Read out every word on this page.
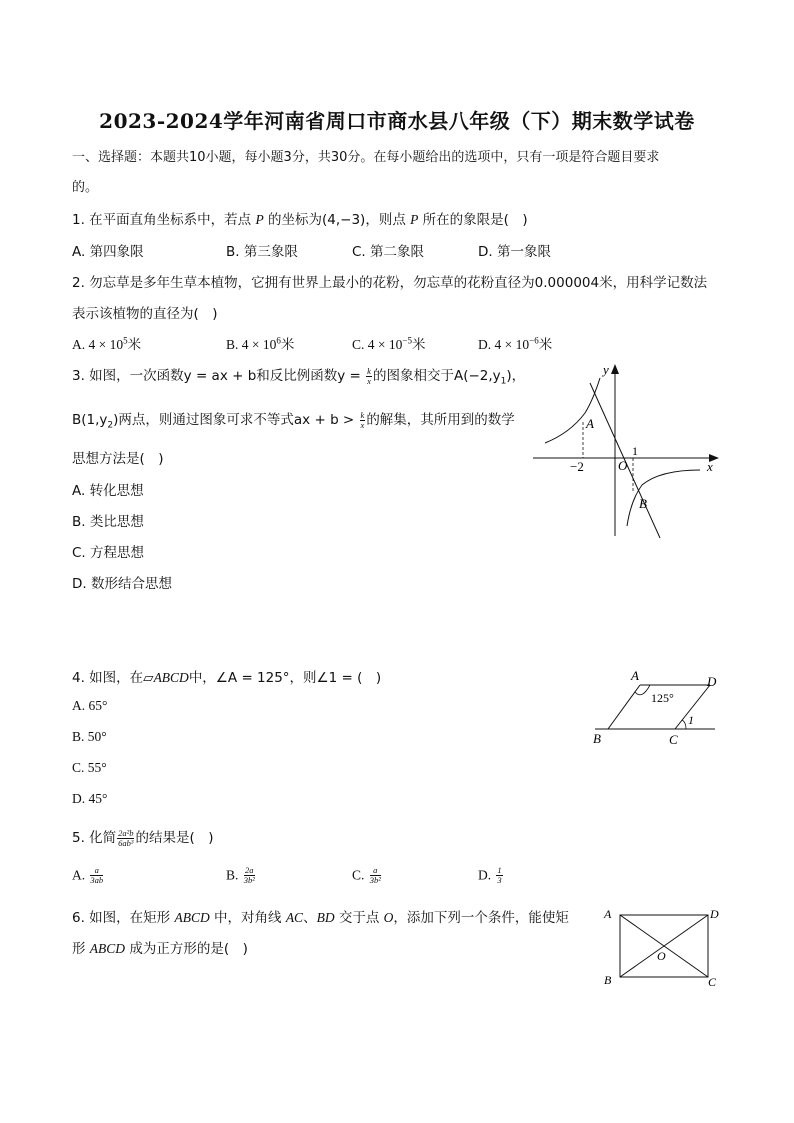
2023-2024学年河南省周口市商水县八年级（下）期末数学试卷
一、选择题：本题共10小题，每小题3分，共30分。在每小题给出的选项中，只有一项是符合题目要求
的。
1. 在平面直角坐标系中，若点 P 的坐标为(4,−3)，则点 P 所在的象限是(　)
A. 第四象限	B. 第三象限	C. 第二象限	D. 第一象限
2. 勿忘草是多年生草本植物，它拥有世界上最小的花粉，勿忘草的花粉直径为0.000004米，用科学记数法
表示该植物的直径为(　)
A. $4 \times 10^5$米	B. $4 \times 10^6$米	C. $4 \times 10^{-5}$米	D. $4 \times 10^{-6}$米
3. 如图，一次函数y = ax + b和反比例函数$y = \frac{k}{x}$ 的图象相交于$A(-2,y_1)$，
$B(1,y_2)$两点，则通过图象可求不等式ax + $b > \frac{k}{x}$ 的解集，其所用到的数学
思想方法是(　)
A. 转化思想
B. 类比思想
C. 方程思想
D. 数形结合思想
y
x
A
B
O
−2
1
4. 如图，在▱ABCD中，∠A = 125°，则∠1 = (　)
A. 65°
B. 50°
C. 55°
D. 45°
A	D
B	C
125°
1
5. 化简 $\frac{\text{2a²b}}{\text{6ab³}}$ 的结果是(　)
A. $\frac{a}{3ab}$	B. $\frac{2a}{\text{3b²}}$	C. $\frac{a}{\text{3b²}}$	D. $\frac{1}{3}$
6. 如图，在矩形 ABCD 中，对角线 AC、BD 交于点 O，添加下列一个条件，能使矩
形 ABCD 成为正方形的是(　)
A	D
B	C
O
